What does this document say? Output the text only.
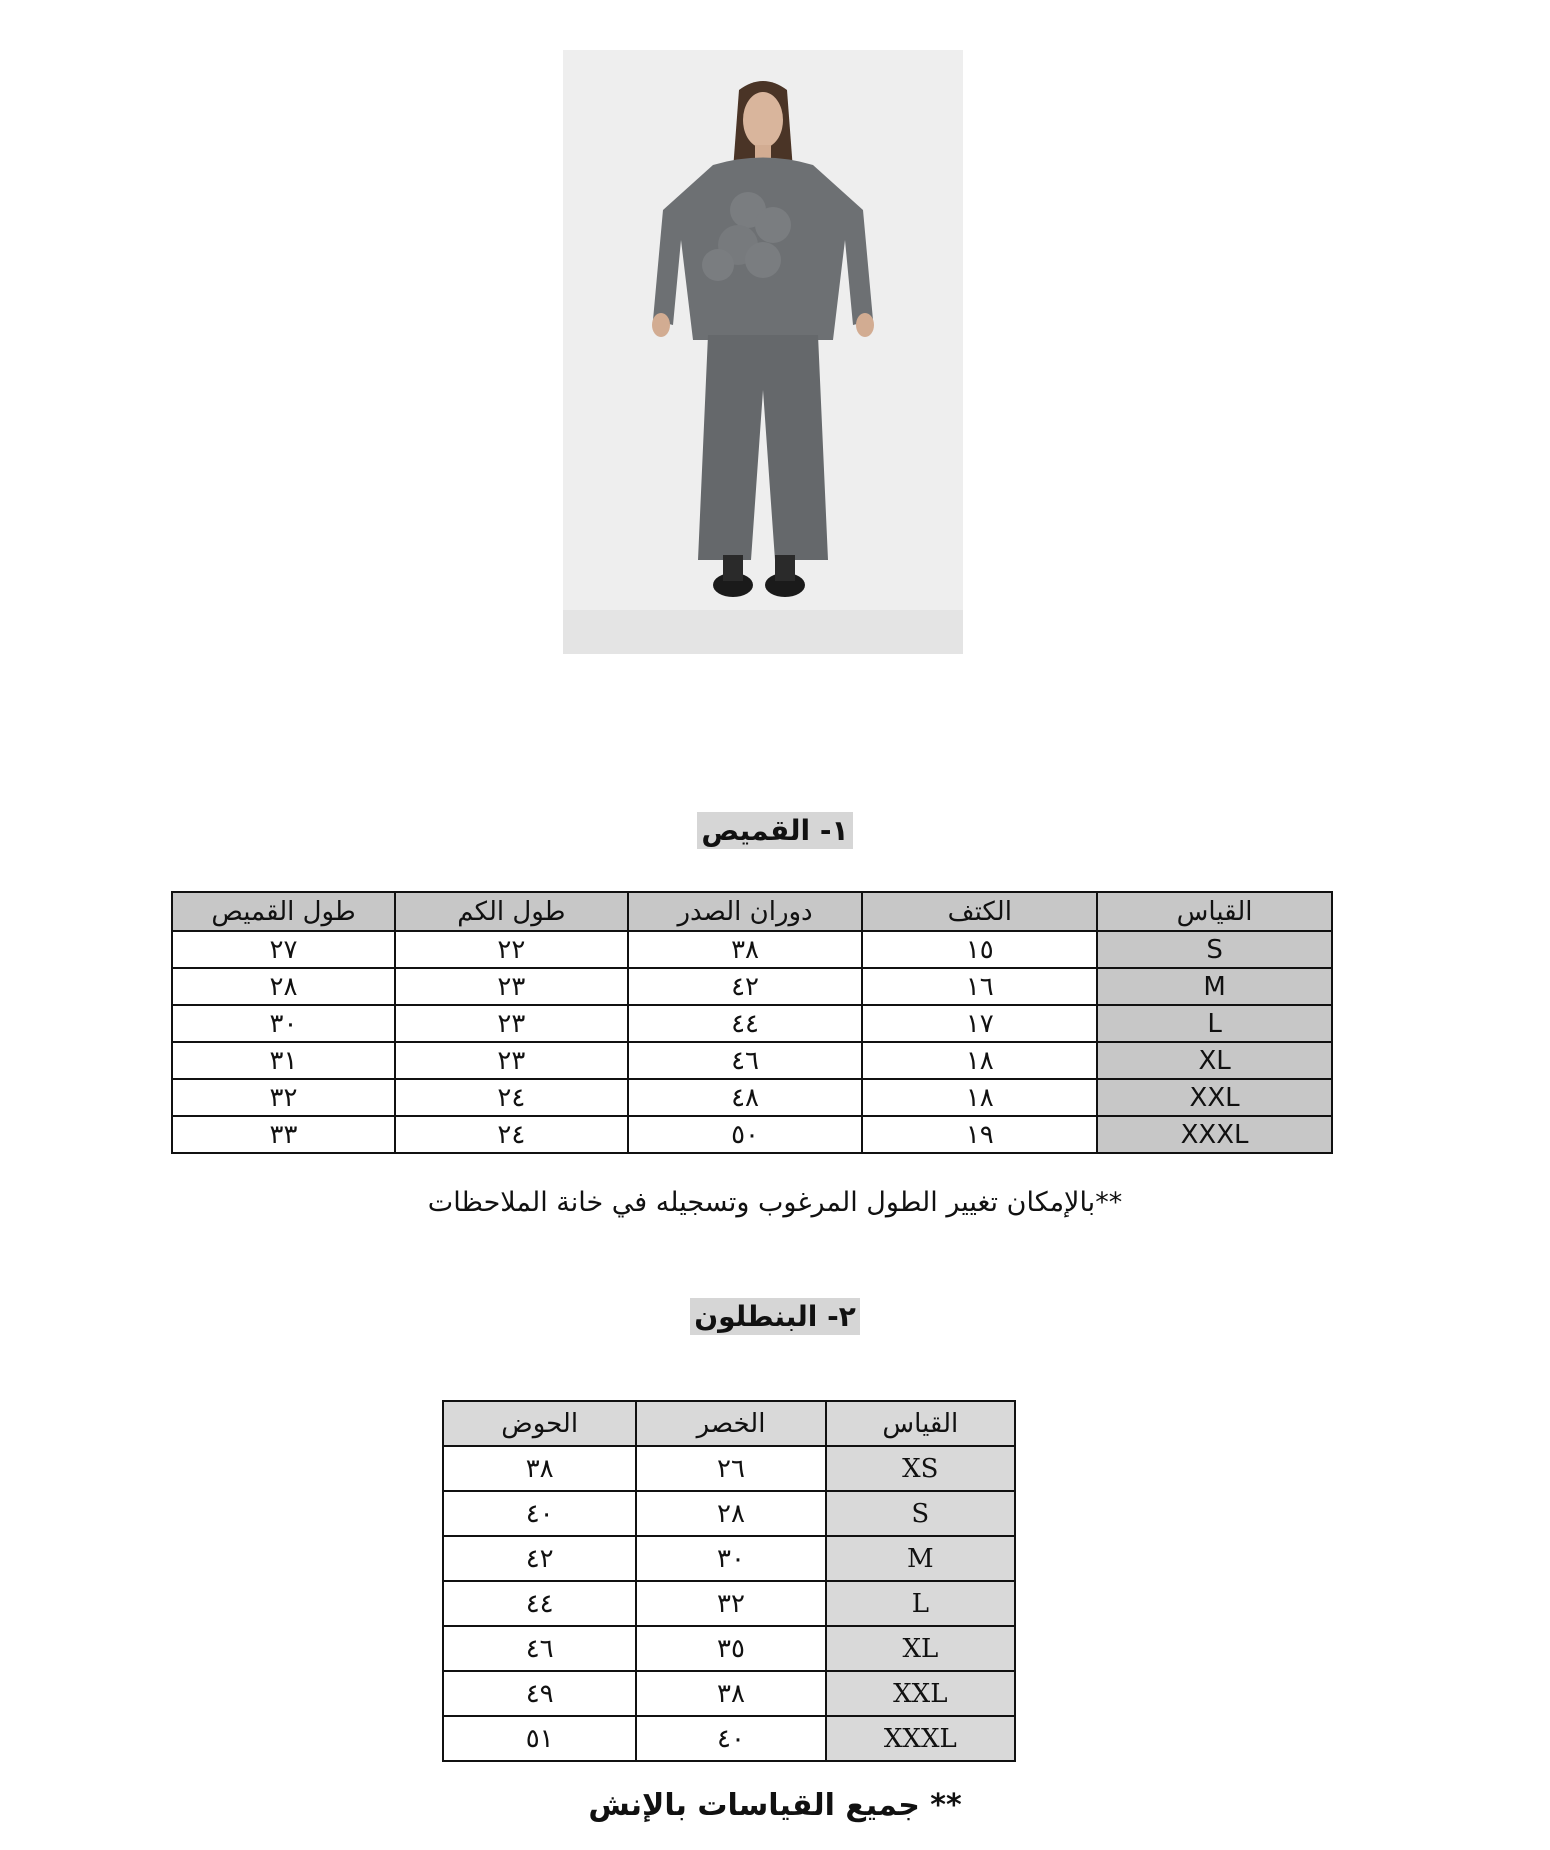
١- القميص
القياس	الكتف	دوران الصدر	طول الكم	طول القميص
S	١٥	٣٨	٢٢	٢٧
M	١٦	٤٢	٢٣	٢٨
L	١٧	٤٤	٢٣	٣٠
XL	١٨	٤٦	٢٣	٣١
XXL	١٨	٤٨	٢٤	٣٢
XXXL	١٩	٥٠	٢٤	٣٣
**بالإمكان تغيير الطول المرغوب وتسجيله في خانة الملاحظات
٢- البنطلون
القياس	الخصر	الحوض
XS	٢٦	٣٨
S	٢٨	٤٠
M	٣٠	٤٢
L	٣٢	٤٤
XL	٣٥	٤٦
XXL	٣٨	٤٩
XXXL	٤٠	٥١
** جميع القياسات بالإنش
